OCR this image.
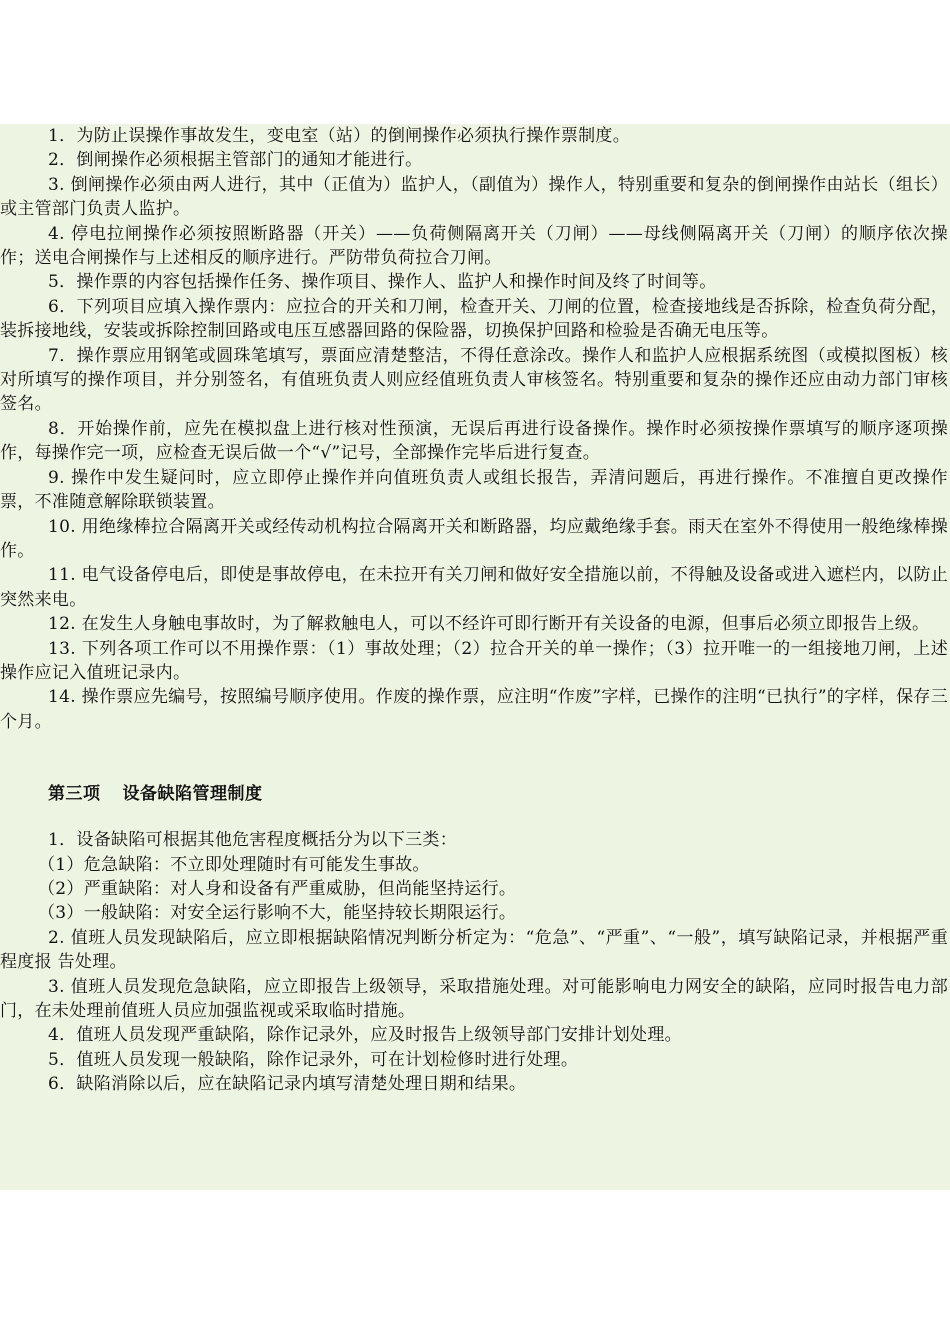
1．为防止误操作事故发生，变电室（站）的倒闸操作必须执行操作票制度。

2．倒闸操作必须根据主管部门的通知才能进行。

3. 倒闸操作必须由两人进行，其中（正值为）监护人，（副值为）操作人，特别重要和复杂的倒闸操作由站长（组长）或主管部门负责人监护。

4. 停电拉闸操作必须按照断路器（开关）——负荷侧隔离开关（刀闸）——母线侧隔离开关（刀闸）的顺序依次操作；送电合闸操作与上述相反的顺序进行。严防带负荷拉合刀闸。

5．操作票的内容包括操作任务、操作项目、操作人、监护人和操作时间及终了时间等。

6．下列项目应填入操作票内：应拉合的开关和刀闸，检查开关、刀闸的位置，检查接地线是否拆除，检查负荷分配，装拆接地线，安装或拆除控制回路或电压互感器回路的保险器，切换保护回路和检验是否确无电压等。

7．操作票应用钢笔或圆珠笔填写，票面应清楚整洁，不得任意涂改。操作人和监护人应根据系统图（或模拟图板）核对所填写的操作项目，并分别签名，有值班负责人则应经值班负责人审核签名。特别重要和复杂的操作还应由动力部门审核签名。

8．开始操作前，应先在模拟盘上进行核对性预演，无误后再进行设备操作。操作时必须按操作票填写的顺序逐项操作，每操作完一项，应检查无误后做一个“√”记号，全部操作完毕后进行复查。

9. 操作中发生疑问时，应立即停止操作并向值班负责人或组长报告，弄清问题后，再进行操作。不准擅自更改操作票，不准随意解除联锁装置。

10. 用绝缘棒拉合隔离开关或经传动机构拉合隔离开关和断路器，均应戴绝缘手套。雨天在室外不得使用一般绝缘棒操作。

11. 电气设备停电后，即使是事故停电，在未拉开有关刀闸和做好安全措施以前，不得触及设备或进入遮栏内，以防止突然来电。

12. 在发生人身触电事故时，为了解救触电人，可以不经许可即行断开有关设备的电源，但事后必须立即报告上级。

13. 下列各项工作可以不用操作票：（1）事故处理；（2）拉合开关的单一操作；（3）拉开唯一的一组接地刀闸，上述操作应记入值班记录内。

14. 操作票应先编号，按照编号顺序使用。作废的操作票，应注明“作废”字样，已操作的注明“已执行”的字样，保存三个月。

第三项 设备缺陷管理制度

1．设备缺陷可根据其他危害程度概括分为以下三类：

（1）危急缺陷：不立即处理随时有可能发生事故。

（2）严重缺陷：对人身和设备有严重威胁，但尚能坚持运行。

（3）一般缺陷：对安全运行影响不大，能坚持较长期限运行。

2. 值班人员发现缺陷后，应立即根据缺陷情况判断分析定为：“危急”、“严重”、“一般”，填写缺陷记录，并根据严重程度报 告处理。

3. 值班人员发现危急缺陷，应立即报告上级领导，采取措施处理。对可能影响电力网安全的缺陷，应同时报告电力部门，在未处理前值班人员应加强监视或采取临时措施。

4．值班人员发现严重缺陷，除作记录外，应及时报告上级领导部门安排计划处理。

5．值班人员发现一般缺陷，除作记录外，可在计划检修时进行处理。

6．缺陷消除以后，应在缺陷记录内填写清楚处理日期和结果。
